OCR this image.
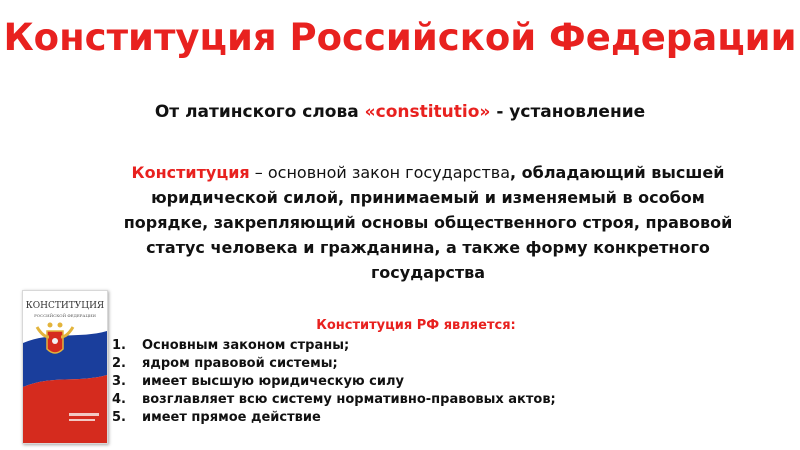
Конституция Российской Федерации

От латинского слова «constitutio» - установление

Конституция – основной закон государства, обладающий высшей юридической силой, принимаемый и изменяемый в особом порядке, закрепляющий основы общественного строя, правовой статус человека и гражданина, а также форму конкретного государства

КОНСТИТУЦИЯ
РОССИЙСКОЙ ФЕДЕРАЦИИ

Конституция РФ является:

1.	Основным законом страны;
2.	ядром правовой системы;
3.	имеет высшую юридическую силу
4.	возглавляет всю систему нормативно-правовых актов;
5.	имеет прямое действие
